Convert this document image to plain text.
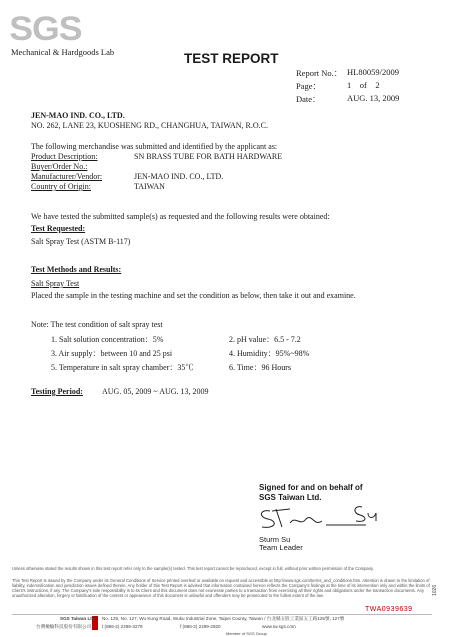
SGS
Mechanical & Hardgoods Lab	TEST REPORT
Report No.： HL80059/2009
Page：	1    of    2
Date：	AUG. 13, 2009
JEN-MAO IND. CO., LTD.
NO. 262, LANE 23, KUOSHENG RD., CHANGHUA, TAIWAN, R.O.C.
The following merchandise was submitted and identified by the applicant as:
Product Description:	SN BRASS TUBE FOR BATH HARDWARE
Buyer/Order No.:
Manufacturer/Vendor:	JEN-MAO IND. CO., LTD.
Country of Origin:	TAIWAN
We have tested the submitted sample(s) as requested and the following results were obtained:
Test Requested:
Salt Spray Test (ASTM B-117)
Test Methods and Results:
Salt Spray Test
Placed the sample in the testing machine and set the condition as below, then take it out and examine.
Note: The test condition of salt spray test
1. Salt solution concentration：5%	2. pH value：6.5 - 7.2
3. Air supply：between 10 and 25 psi	4. Humidity：95%~98%
5. Temperature in salt spray chamber：35℃	6. Time：96 Hours
Testing Period: AUG. 05, 2009 ~ AUG. 13, 2009
Signed for and on behalf of
SGS Taiwan Ltd.
Sturm Su
Team Leader
Unless otherwise stated the results shown in this test report refer only to the sample(s) tested. This test report cannot be reproduced, except in full, without prior written permission of the Company.
This Test Report is issued by the Company under its General Conditions of Service printed overleaf or available on request and accessible at http://www.sgs.com/terms_and_conditions.htm. Attention is drawn to the limitation of liability, indemnification and jurisdiction issues defined therein. Any holder of this Test Report is advised that information contained hereon reflects the Company's findings at the time of its intervention only and within the limits of Client's instructions, if any. The Company's sole responsibility is to its Client and this document does not exonerate parties to a transaction from exercising all their rights and obligations under the transaction documents. Any unauthorized alteration, forgery or falsification of the content or appearance of this document is unlawful and offenders may be prosecuted to the fullest extent of the law.
TWA0939639
1026
SGS Taiwan Ltd.
台灣檢驗科技股份有限公司
No. 125, No. 127, Wu Kung Road, Wuku Industrial Zone, Taipei County, Taiwan / 台北縣五股工業區五工路125號, 127號
t (886-2) 2299-3279	f (886-2) 2299-2920	www.tw.sgs.com
Member of SGS Group
